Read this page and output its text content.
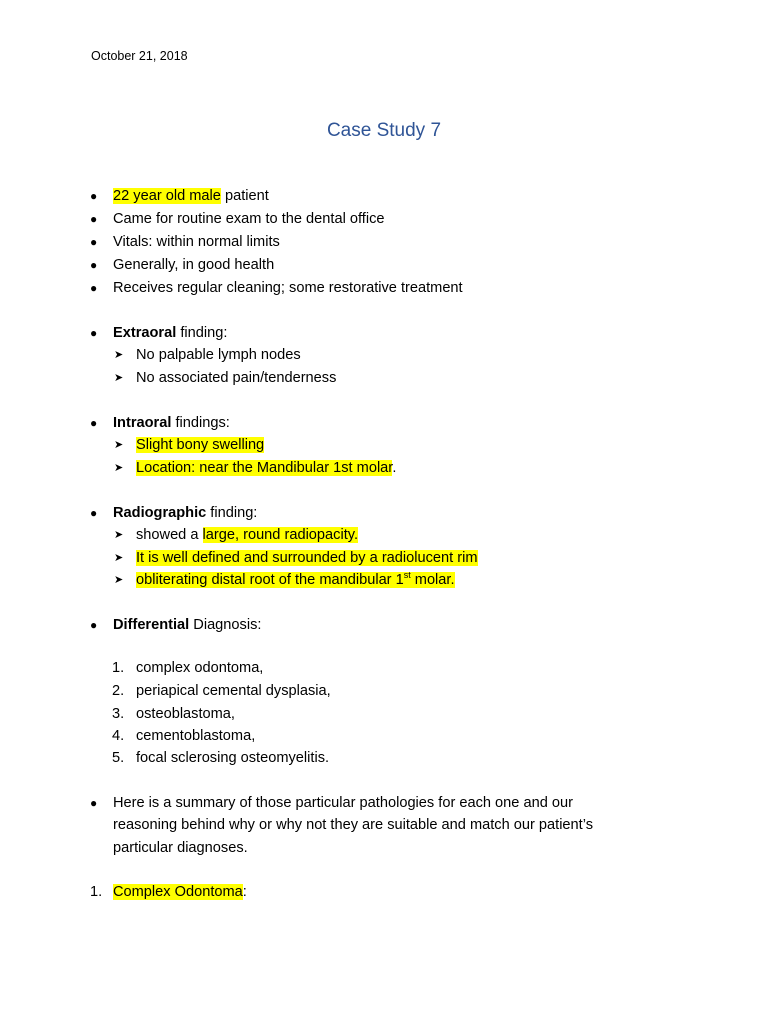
October 21, 2018
Case Study 7
● 22 year old male patient
● Came for routine exam to the dental office
● Vitals: within normal limits
● Generally, in good health
● Receives regular cleaning; some restorative treatment
● Extraoral finding:
➤ No palpable lymph nodes
➤ No associated pain/tenderness
● Intraoral findings:
➤ Slight bony swelling
➤ Location: near the Mandibular 1st molar.
● Radiographic finding:
➤ showed a large, round radiopacity.
➤ It is well defined and surrounded by a radiolucent rim
➤ obliterating distal root of the mandibular 1st molar.
● Differential Diagnosis:
1. complex odontoma,
2. periapical cemental dysplasia,
3. osteoblastoma,
4. cementoblastoma,
5. focal sclerosing osteomyelitis.
● Here is a summary of those particular pathologies for each one and our
reasoning behind why or why not they are suitable and match our patient’s
particular diagnoses.
1. Complex Odontoma:
